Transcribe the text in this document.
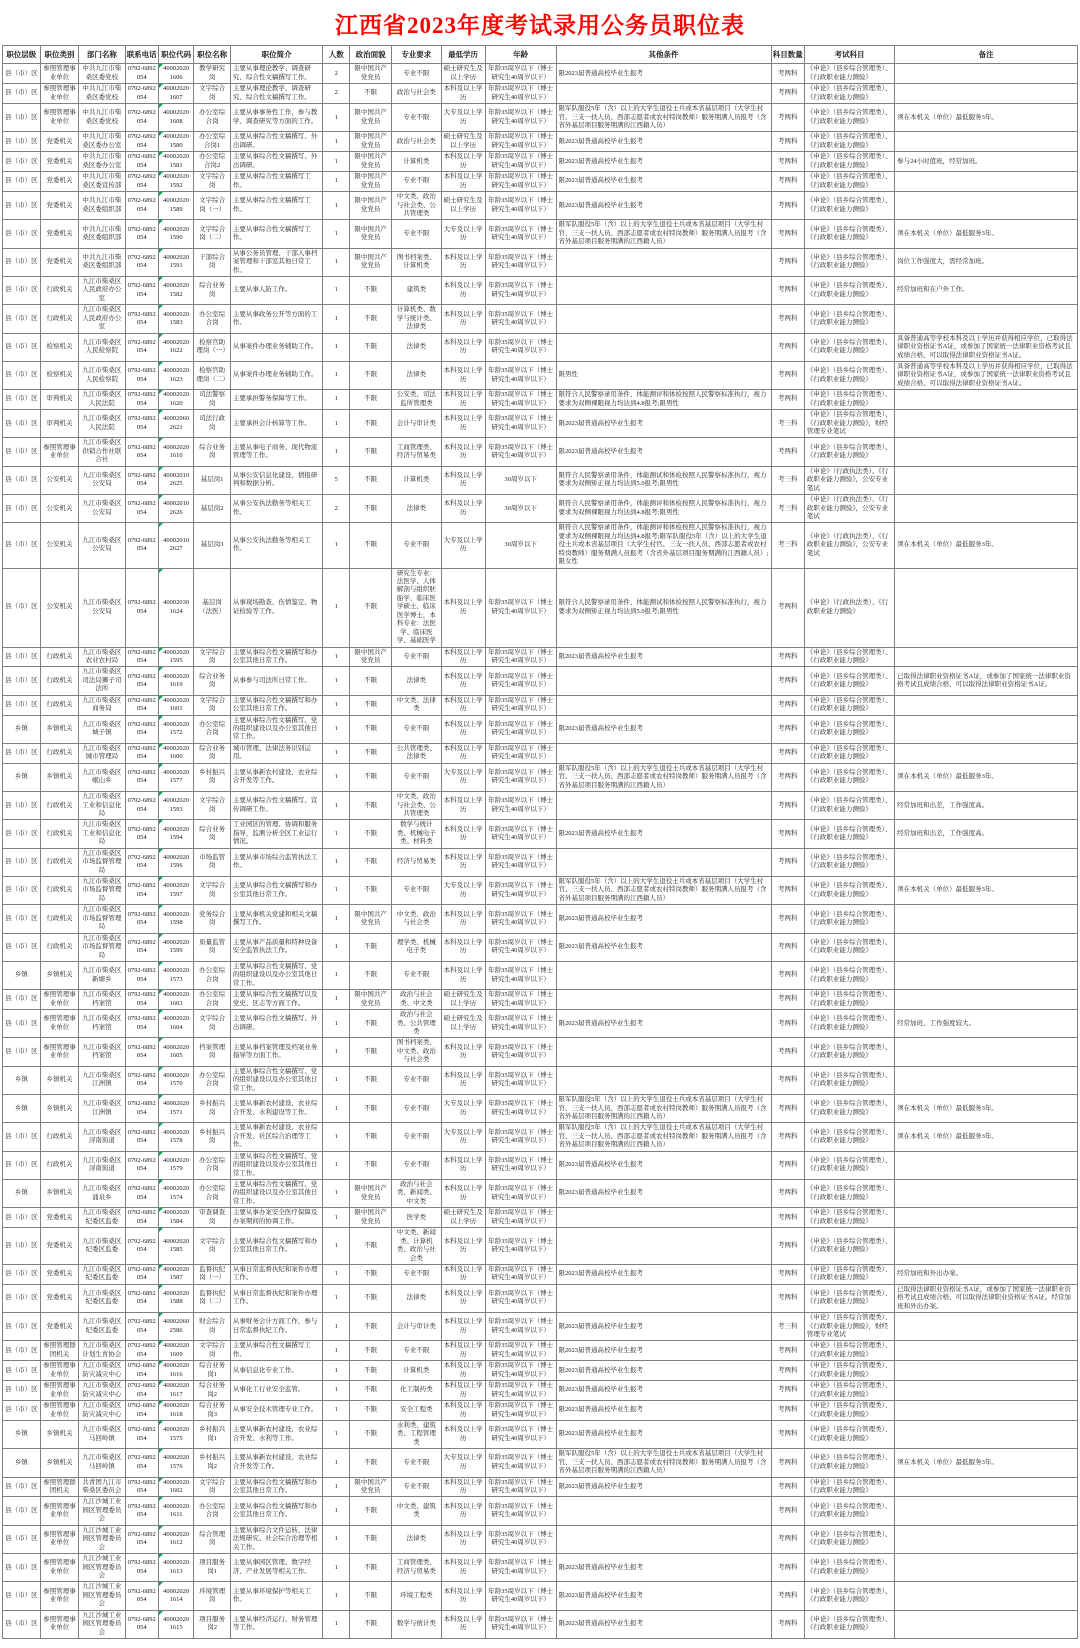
江西省2023年度考试录用公务员职位表
职位层级	职位类别	部门名称	联系电话	职位代码	职位名称	职位简介	人数	政治面貌	专业要求	最低学历	年龄	其他条件	科目数量	考试科目	备注
县（市）区	参照管理事业单位	中共九江市柴桑区委党校	0792-6892054	40002020 1606	教学研究岗	主要从事理论教学、调查研究、综合性文稿撰写工作。	2	限中国共产党党员	专业不限	硕士研究生及以上学历	年龄35周岁以下（博士研究生40周岁以下）	限2023届普通高校毕业生报考	考两科	《申论》（县乡综合管理类）、《行政职业能力测验》	
县（市）区	参照管理事业单位	中共九江市柴桑区委党校	0792-6892054	40002020 1607	文字综合岗	主要从事理论教学、调查研究、综合性文稿撰写工作。	2	不限	政治与社会类	本科及以上学历	年龄35周岁以下（博士研究生40周岁以下）		考两科	《申论》（县乡综合管理类）、《行政职业能力测验》	
县（市）区	参照管理事业单位	中共九江市柴桑区委党校	0792-6892054	40002020 1608	办公室综合岗	主要从事事务性工作，参与教学、调查研究等方面的工作。	1	限中国共产党党员	专业不限	大专及以上学历	年龄35周岁以下（博士研究生40周岁以下）	限军队服役5年（含）以上的大学生退役士兵或本省基层项目（大学生村官、三支一扶人员、西部志愿者或农村特岗教师）服务期满人员报考（含省外基层项目服务期满的江西籍人员）	考两科	《申论》（县乡综合管理类）、《行政职业能力测验》	须在本机关（单位）最低服务3年。
县（市）区	党委机关	中共九江市柴桑区委办公室	0792-6892054	40002020 1580	办公室综合岗1	主要从事综合性文稿撰写、外出调研。	1	限中国共产党党员	政治与社会类	硕士研究生及以上学历	年龄35周岁以下（博士研究生40周岁以下）	限2023届普通高校毕业生报考	考两科	《申论》（县乡综合管理类）、《行政职业能力测验》	
县（市）区	党委机关	中共九江市柴桑区委办公室	0792-6892054	40002020 1581	办公室综合岗2	主要从事综合性文稿撰写、外出调研。	1	限中国共产党党员	计算机类	本科及以上学历	年龄35周岁以下（博士研究生40周岁以下）	限2023届普通高校毕业生报考	考两科	《申论》（县乡综合管理类）、《行政职业能力测验》	参与24小时值班，经常加班。
县（市）区	党委机关	中共九江市柴桑区委宣传部	0792-6892054	40002020 1592	文字综合岗	主要从事综合性文稿撰写工作。	1	限中国共产党党员	专业不限	本科及以上学历	年龄35周岁以下（博士研究生40周岁以下）	限2023届普通高校毕业生报考	考两科	《申论》（县乡综合管理类）、《行政职业能力测验》	
县（市）区	党委机关	中共九江市柴桑区委组织部	0792-6892054	40002020 1589	文字综合岗（一）	主要从事综合性文稿撰写工作。	1	限中国共产党党员	中文类、政治与社会类、公共管理类	硕士研究生及以上学历	年龄35周岁以下（博士研究生40周岁以下）	限2023届普通高校毕业生报考	考两科	《申论》（县乡综合管理类）、《行政职业能力测验》	
县（市）区	党委机关	中共九江市柴桑区委组织部	0792-6892054	40002020 1590	文字综合岗（二）	主要从事综合性文稿撰写工作。	1	限中国共产党党员	专业不限	大专及以上学历	年龄35周岁以下（博士研究生40周岁以下）	限军队服役5年（含）以上的大学生退役士兵或本省基层项目（大学生村官、三支一扶人员、西部志愿者或农村特岗教师）服务期满人员报考（含省外基层项目服务期满的江西籍人员）	考两科	《申论》（县乡综合管理类）、《行政职业能力测验》	须在本机关（单位）最低服务3年。
县（市）区	党委机关	中共九江市柴桑区委组织部	0792-6892054	40002020 1591	干部综合岗	从事公务员管理、干部人事档案管理和干部室其他日常工作。	1	限中国共产党党员	图书档案类、计算机类	本科及以上学历	年龄35周岁以下（博士研究生40周岁以下）		考两科	《申论》（县乡综合管理类）、《行政职业能力测验》	岗位工作强度大，需经常加班。
县（市）区	行政机关	九江市柴桑区人民政府办公室	0792-6892054	40002020 1582	综合业务岗	主要从事人防工作。	1	不限	建筑类	本科及以上学历	年龄35周岁以下（博士研究生40周岁以下）		考两科	《申论》（县乡综合管理类）、《行政职业能力测验》	经常加班和在户外工作。
县（市）区	行政机关	九江市柴桑区人民政府办公室	0792-6892054	40002020 1583	办公室综合岗	主要从事政务公开等方面的工作。	1	不限	计算机类、数学与统计类、法律类	本科及以上学历	年龄35周岁以下（博士研究生40周岁以下）		考两科	《申论》（县乡综合管理类）、《行政职业能力测验》	
县（市）区	检察机关	九江市柴桑区人民检察院	0792-6892054	40002020 1622	检察官助理岗（一）	从事案件办理业务辅助工作。	1	不限	法律类	本科及以上学历	年龄35周岁以下（博士研究生40周岁以下）		考两科	《申论》（县乡综合管理类）、《行政职业能力测验》	具备普通高等学校本科及以上学历并获得相应学位，已取得法律职业资格证书A证，或参加了国家统一法律职业资格考试且成绩合格、可以取得法律职业资格证书A证。
县（市）区	检察机关	九江市柴桑区人民检察院	0792-6892054	40002020 1623	检察官助理岗（二）	从事案件办理业务辅助工作。	1	不限	法律类	本科及以上学历	年龄35周岁以下（博士研究生40周岁以下）	限男性	考两科	《申论》（县乡综合管理类）、《行政职业能力测验》	具备普通高等学校本科及以上学历并获得相应学位，已取得法律职业资格证书A证，或参加了国家统一法律职业资格考试且成绩合格、可以取得法律职业资格证书A证。
县（市）区	审判机关	九江市柴桑区人民法院	0792-6892054	40002020 1620	司法警察岗	主要承担警务保障等工作。	1	不限	公安类、司法监所管理类	本科及以上学历	年龄35周岁以下（博士研究生40周岁以下）	限符合人民警察录用条件，体能测评和体检按照人民警察标准执行，视力要求为双侧裸眼视力均达到4.8报考;限男性	考两科	《申论》（县乡综合管理类）、《行政职业能力测验》	
县（市）区	审判机关	九江市柴桑区人民法院	0792-6892054	40002060 2621	司法行政岗	主要承担会计核算等工作。	1	不限	会计与审计类	本科及以上学历	年龄35周岁以下（博士研究生40周岁以下）	限2023届普通高校毕业生报考	考三科	《申论》（县乡综合管理类）、《行政职业能力测验》，财经管理专业笔试	
县（市）区	参照管理事业单位	九江市柴桑区供销合作社联合社	0792-6892054	40002020 1610	综合业务岗	主要从事电子商务、现代物流管理等工作。	1	不限	工商管理类、经济与贸易类	本科及以上学历	年龄35周岁以下（博士研究生40周岁以下）	限2023届普通高校毕业生报考	考两科	《申论》（县乡综合管理类）、《行政职业能力测验》	
县（市）区	公安机关	九江市柴桑区公安局	0792-6892054	40002010 2625	基层岗1	从事公安信息化建设、情报研判和数据分析。	5	不限	计算机类	本科及以上学历	30周岁以下	限符合人民警察录用条件，体能测试和体检按照人民警察标准执行，视力要求为双侧矫正视力均达到5.0报考;限男性	考三科	《申论》（行政执法类）、《行政职业能力测验》，公安专业笔试	
县（市）区	公安机关	九江市柴桑区公安局	0792-6892054	40002010 2626	基层岗2	从事公安执法勤务等相关工作。	2	不限	法律类	本科及以上学历	30周岁以下	限符合人民警察录用条件，体能测评和体检按照人民警察标准执行，视力要求为双侧裸眼视力均达到4.8报考;限男性	考三科	《申论》（行政执法类）、《行政职业能力测验》，公安专业笔试	
县（市）区	公安机关	九江市柴桑区公安局	0792-6892054	40002010 2627	基层岗3	从事公安执法勤务等相关工作。	1	不限	专业不限	大专及以上学历	30周岁以下	限符合人民警察录用条件，体能测评和体检按照人民警察标准执行，视力要求为双侧裸眼视力均达到4.8报考;限军队服役5年（含）以上的大学生退役士兵或本省基层项目（大学生村官、三支一扶人员、西部志愿者或农村特岗教师）服务期满人员报考（含省外基层项目服务期满的江西籍人员）;限女性	考三科	《申论》（行政执法类）、《行政职业能力测验》，公安专业笔试	须在本机关（单位）最低服务3年。
县（市）区	公安机关	九江市柴桑区公安局	0792-6892054	40002030 1624	基层岗（法医）	从事现场勘查、伤情鉴定、物证检验等工作。	1	不限	研究生专业：法医学、人体解剖与组织胚胎学、临床医学硕士、临床医学博士，本科专业：法医学、临床医学、基础医学	本科及以上学历	年龄35周岁以下（博士研究生40周岁以下）	限符合人民警察录用条件，体能测试和体检按照人民警察标准执行，视力要求为双侧矫正视力均达到5.0报考;限男性	考两科	《申论》（行政执法类）、《行政职业能力测验》	
县（市）区	行政机关	九江市柴桑区农业农村局	0792-6892054	40002020 1595	文字综合岗	主要从事综合性文稿撰写和办公室其他日常工作。	1	限中国共产党党员	专业不限	本科及以上学历	年龄35周岁以下（博士研究生40周岁以下）	限2023届普通高校毕业生报考	考两科	《申论》（县乡综合管理类）、《行政职业能力测验》	
县（市）区	行政机关	九江市柴桑区司法局狮子司法所	0792-6892054	40002020 1619	综合业务岗	从事参与司法所日常工作。	1	不限	法律类	本科及以上学历	年龄35周岁以下（博士研究生40周岁以下）		考两科	《申论》（县乡综合管理类）、《行政职业能力测验》	已取得法律职业资格证书A证，或参加了国家统一法律职业资格考试且成绩合格、可以取得法律职业资格证书A证。
县（市）区	行政机关	九江市柴桑区商务局	0792-6892054	40002020 1601	文字综合岗	主要从事综合性文稿撰写和办公室其他日常工作。	1	不限	中文类、法律类	本科及以上学历	年龄35周岁以下（博士研究生40周岁以下）		考两科	《申论》（县乡综合管理类）、《行政职业能力测验》	
乡镇	乡镇机关	九江市柴桑区城子镇	0792-6892054	40002020 1572	办公室综合岗	主要从事综合性文稿撰写、党的组织建设以及办公室其他日常工作。	1	不限	专业不限	本科及以上学历	年龄35周岁以下（博士研究生40周岁以下）	限2023届普通高校毕业生报考	考两科	《申论》（县乡综合管理类）、《行政职业能力测验》	
县（市）区	行政机关	九江市柴桑区城市管理局	0792-6892054	40002020 1600	综合业务岗	城市管理、法律法务识别运用。	1	不限	公共管理类、法律类	本科及以上学历	年龄35周岁以下（博士研究生40周岁以下）		考两科	《申论》（县乡综合管理类）、《行政职业能力测验》	
乡镇	乡镇机关	九江市柴桑区岷山乡	0792-6892054	40002020 1577	乡村振兴岗	主要从事新农村建设、农业综合开发等工作。	1	不限	专业不限	大专及以上学历	年龄35周岁以下（博士研究生40周岁以下）	限军队服役5年（含）以上的大学生退役士兵或本省基层项目（大学生村官、三支一扶人员、西部志愿者或农村特岗教师）服务期满人员报考（含省外基层项目服务期满的江西籍人员）	考两科	《申论》（县乡综合管理类）、《行政职业能力测验》	须在本机关（单位）最低服务3年。
县（市）区	行政机关	九江市柴桑区工业和信息化局	0792-6892054	40002020 1593	文字综合岗	主要从事综合性文稿撰写、宣传调研工作。	1	不限	中文类、政治与社会类、公共管理类	本科及以上学历	年龄35周岁以下（博士研究生40周岁以下）		考两科	《申论》（县乡综合管理类）、《行政职业能力测验》	经常加班和出差，工作强度高。
县（市）区	行政机关	九江市柴桑区工业和信息化局	0792-6892054	40002020 1594	综合业务岗	工业园区的管理、协调和服务指导，监测分析全区工业运行情况。	1	不限	数学与统计类、机械电子类、材料类	本科及以上学历	年龄35周岁以下（博士研究生40周岁以下）	限2023届普通高校毕业生报考	考两科	《申论》（县乡综合管理类）、《行政职业能力测验》	经常加班和出差，工作强度高。
县（市）区	行政机关	九江市柴桑区市场监督管理局	0792-6892054	40002020 1596	市场监管岗	主要从事市场综合监管执法工作。	1	不限	经济与贸易类	本科及以上学历	年龄35周岁以下（博士研究生40周岁以下）		考两科	《申论》（县乡综合管理类）、《行政职业能力测验》	
县（市）区	行政机关	九江市柴桑区市场监督管理局	0792-6892054	40002020 1597	文字综合岗	主要从事综合性文稿撰写和办公室其他日常工作。	1	不限	专业不限	大专及以上学历	年龄35周岁以下（博士研究生40周岁以下）	限军队服役5年（含）以上的大学生退役士兵或本省基层项目（大学生村官、三支一扶人员、西部志愿者或农村特岗教师）服务期满人员报考（含省外基层项目服务期满的江西籍人员）	考两科	《申论》（县乡综合管理类）、《行政职业能力测验》	须在本机关（单位）最低服务3年。
县（市）区	行政机关	九江市柴桑区市场监督管理局	0792-6892054	40002020 1598	党务综合岗	主要从事机关党建和相关文稿撰写工作。	1	限中国共产党党员	中文类、政治与社会类	本科及以上学历	年龄35周岁以下（博士研究生40周岁以下）	限2023届普通高校毕业生报考	考两科	《申论》（县乡综合管理类）、《行政职业能力测验》	
县（市）区	行政机关	九江市柴桑区市场监督管理局	0792-6892054	40002020 1599	质量监管岗	主要从事产品质量和特种设备安全监管执法工作。	1	不限	理学类、机械电子类	本科及以上学历	年龄35周岁以下（博士研究生40周岁以下）	限2023届普通高校毕业生报考	考两科	《申论》（县乡综合管理类）、《行政职业能力测验》	
乡镇	乡镇机关	九江市柴桑区新塘乡	0792-6892054	40002020 1573	办公室综合岗	主要从事综合性文稿撰写、党的组织建设以及办公室其他日常工作。	1	不限	专业不限	本科及以上学历	年龄35周岁以下（博士研究生40周岁以下）		考两科	《申论》（县乡综合管理类）、《行政职业能力测验》	
县（市）区	参照管理事业单位	九江市柴桑区档案馆	0792-6892054	40002020 1603	办公室综合岗	主要从事综合性文稿撰写以及党史、区志等方面工作。	1	限中国共产党党员	政治与社会类、中文类	硕士研究生及以上学历	年龄35周岁以下（博士研究生40周岁以下）		考两科	《申论》（县乡综合管理类）、《行政职业能力测验》	
县（市）区	参照管理事业单位	九江市柴桑区档案馆	0792-6892054	40002020 1604	文字综合岗	主要从事综合性文稿撰写、外出调研。	1	不限	政治与社会类、公共管理类	硕士研究生及以上学历	年龄35周岁以下（博士研究生40周岁以下）	限2023届普通高校毕业生报考	考两科	《申论》（县乡综合管理类）、《行政职业能力测验》	经常加班，工作强度较大。
县（市）区	参照管理事业单位	九江市柴桑区档案馆	0792-6892054	40002020 1605	档案管理岗	主要从事档案管理及档案业务指导等方面工作。	1	不限	图书档案类、中文类、政治与社会类	本科及以上学历	年龄35周岁以下（博士研究生40周岁以下）		考两科	《申论》（县乡综合管理类）、《行政职业能力测验》	
乡镇	乡镇机关	九江市柴桑区江洲镇	0792-6892054	40002020 1570	办公室综合岗	主要从事综合性文稿撰写、党的组织建设以及办公室其他日常工作。	1	不限	专业不限	本科及以上学历	年龄35周岁以下（博士研究生40周岁以下）		考两科	《申论》（县乡综合管理类）、《行政职业能力测验》	
乡镇	乡镇机关	九江市柴桑区江洲镇	0792-6892054	40002020 1571	乡村振兴岗	主要从事新农村建设、农业综合开发、水利建设等工作。	1	不限	专业不限	大专及以上学历	年龄35周岁以下（博士研究生40周岁以下）	限军队服役5年（含）以上的大学生退役士兵或本省基层项目（大学生村官、三支一扶人员、西部志愿者或农村特岗教师）服务期满人员报考（含省外基层项目服务期满的江西籍人员）	考两科	《申论》（县乡综合管理类）、《行政职业能力测验》	须在本机关（单位）最低服务3年。
县（市）区	行政机关	九江市柴桑区浔南街道	0792-6892054	40002020 1578	乡村振兴岗	主要从事新农村建设、农业综合开发、社区综合治理等工作。	1	不限	专业不限	大专及以上学历	年龄35周岁以下（博士研究生40周岁以下）	限军队服役5年（含）以上的大学生退役士兵或本省基层项目（大学生村官、三支一扶人员、西部志愿者或农村特岗教师）服务期满人员报考（含省外基层项目服务期满的江西籍人员）	考两科	《申论》（县乡综合管理类）、《行政职业能力测验》	须在本机关（单位）最低服务3年。
县（市）区	行政机关	九江市柴桑区浔南街道	0792-6892054	40002020 1579	办公室综合岗	主要从事综合性文稿撰写、党的组织建设以及办公室其他日常工作。	1	不限	专业不限	本科及以上学历	年龄35周岁以下（博士研究生40周岁以下）	限2023届普通高校毕业生报考	考两科	《申论》（县乡综合管理类）、《行政职业能力测验》	
乡镇	乡镇机关	九江市柴桑区涌泉乡	0792-6892054	40002020 1574	办公室综合岗	主要从事综合性文稿撰写、党的组织建设以及办公室其他日常工作。	1	限中国共产党党员	政治与社会类、新闻类、中文类	本科及以上学历	年龄35周岁以下（博士研究生40周岁以下）	限2023届普通高校毕业生报考	考两科	《申论》（县乡综合管理类）、《行政职业能力测验》	
县（市）区	党委机关	九江市柴桑区纪委区监委	0792-6892054	40002020 1584	审查调查岗	主要从事办案安全医疗保障及办案期间的协调工作。	1	限中国共产党党员	医学类	硕士研究生及以上学历	年龄35周岁以下（博士研究生40周岁以下）		考两科	《申论》（县乡综合管理类）、《行政职业能力测验》	
县（市）区	党委机关	九江市柴桑区纪委区监委	0792-6892054	40002020 1585	文字综合岗	主要从事综合性文稿撰写和办公室其他日常工作。	1	不限	中文类、新闻类、计算机类、政治与社会类	本科及以上学历	年龄35周岁以下（博士研究生40周岁以下）		考两科	《申论》（县乡综合管理类）、《行政职业能力测验》	
县（市）区	党委机关	九江市柴桑区纪委区监委	0792-6892054	40002020 1587	监督执纪岗（一）	从事日常监督执纪和案件办理工作。	1	不限	专业不限	本科及以上学历	年龄35周岁以下（博士研究生40周岁以下）	限2023届普通高校毕业生报考	考两科	《申论》（县乡综合管理类）、《行政职业能力测验》	经常加班和外出办案。
县（市）区	党委机关	九江市柴桑区纪委区监委	0792-6892054	40002020 1588	监督执纪岗（二）	从事日常监督执纪和案件办理工作。	1	不限	法律类	本科及以上学历	年龄35周岁以下（博士研究生40周岁以下）		考两科	《申论》（县乡综合管理类）、《行政职业能力测验》	已取得法律职业资格证书A证，或参加了国家统一法律职业资格考试且成绩合格、可以取得法律职业资格证书A证。经常加班和外出办案。
县（市）区	党委机关	九江市柴桑区纪委区监委	0792-6892054	40002060 2586	财会综合岗	从事财务会计方面工作，参与日常监督执纪工作。	1	不限	会计与审计类	本科及以上学历	年龄35周岁以下（博士研究生40周岁以下）	限2023届普通高校毕业生报考	考三科	《申论》（县乡综合管理类）、《行政职业能力测验》，财经管理专业笔试	
县（市）区	参照管理群团机关	九江市柴桑区计划生育协会	0792-6892054	40002020 1609	文字综合岗	主要从事综合性文稿撰写工作。	1	不限	专业不限	本科及以上学历	年龄35周岁以下（博士研究生40周岁以下）	限2023届普通高校毕业生报考	考两科	《申论》（县乡综合管理类）、《行政职业能力测验》	
县（市）区	参照管理事业单位	九江市柴桑区防灾减灾中心	0792-6892054	40002020 1616	综合业务岗1	从事信息化专业工作。	1	不限	计算机类	本科及以上学历	年龄35周岁以下（博士研究生40周岁以下）	限2023届普通高校毕业生报考	考两科	《申论》（县乡综合管理类）、《行政职业能力测验》	
县（市）区	参照管理事业单位	九江市柴桑区防灾减灾中心	0792-6892054	40002020 1617	综合业务岗2	从事化工行业安全监管。	1	不限	化工制药类	本科及以上学历	年龄35周岁以下（博士研究生40周岁以下）	限2023届普通高校毕业生报考	考两科	《申论》（县乡综合管理类）、《行政职业能力测验》	
县（市）区	参照管理事业单位	九江市柴桑区防灾减灾中心	0792-6892054	40002020 1618	综合业务岗3	从事安全技术管理专业工作。	1	不限	安全工程类	本科及以上学历	年龄35周岁以下（博士研究生40周岁以下）	限2023届普通高校毕业生报考	考两科	《申论》（县乡综合管理类）、《行政职业能力测验》	
乡镇	乡镇机关	九江市柴桑区马回岭镇	0792-6892054	40002020 1575	乡村振兴岗1	主要从事新农村建设、农业综合开发、水利等工作。	1	不限	水利类、建筑类、工程管理类	本科及以上学历	年龄35周岁以下（博士研究生40周岁以下）	限2023届普通高校毕业生报考	考两科	《申论》（县乡综合管理类）、《行政职业能力测验》	
乡镇	乡镇机关	九江市柴桑区马回岭镇	0792-6892054	40002020 1576	乡村振兴岗2	主要从事新农村建设、农业综合开发等工作。	1	不限	专业不限	大专及以上学历	年龄35周岁以下（博士研究生40周岁以下）	限军队服役5年（含）以上的大学生退役士兵或本省基层项目（大学生村官、三支一扶人员、西部志愿者或农村特岗教师）服务期满人员报考（含省外基层项目服务期满的江西籍人员）	考两科	《申论》（县乡综合管理类）、《行政职业能力测验》	须在本机关（单位）最低服务3年。
县（市）区	参照管理群团机关	共青团九江市柴桑区委员会	0792-6892054	40002020 1602	文字综合岗	主要从事综合性文稿撰写和办公室其他日常工作。	1	限中国共产党党员	专业不限	本科及以上学历	年龄35周岁以下（博士研究生40周岁以下）	限2023届普通高校毕业生报考	考两科	《申论》（县乡综合管理类）、《行政职业能力测验》	
县（市）区	参照管理事业单位	九江沙城工业园区管理委员会	0792-6892054	40002020 1611	办公室综合岗	主要从事综合性文稿撰写和办公室其他日常工作。	1	不限	中文类、建筑类	本科及以上学历	年龄35周岁以下（博士研究生40周岁以下）		考两科	《申论》（县乡综合管理类）、《行政职业能力测验》	
县（市）区	参照管理事业单位	九江沙城工业园区管理委员会	0792-6892054	40002020 1612	综合管理岗	主要从事综合文件运转、法律法规研究、社会综合治理等相关工作。	1	不限	法律类	本科及以上学历	年龄35周岁以下（博士研究生40周岁以下）		考两科	《申论》（县乡综合管理类）、《行政职业能力测验》	
县（市）区	参照管理事业单位	九江沙城工业园区管理委员会	0792-6892054	40002020 1613	项目服务岗1	主要从事园区管理、数字经济、产业发展等相关工作。	1	不限	工商管理类、经济与贸易类	本科及以上学历	年龄35周岁以下（博士研究生40周岁以下）	限2023届普通高校毕业生报考	考两科	《申论》（县乡综合管理类）、《行政职业能力测验》	
县（市）区	参照管理事业单位	九江沙城工业园区管理委员会	0792-6892054	40002020 1614	环境管理岗	主要从事环境保护等相关工作。	1	不限	环境工程类	本科及以上学历	年龄35周岁以下（博士研究生40周岁以下）	限2023届普通高校毕业生报考	考两科	《申论》（县乡综合管理类）、《行政职业能力测验》	
县（市）区	参照管理事业单位	九江沙城工业园区管理委员会	0792-6892054	40002020 1615	项目服务岗2	主要从事经济运行、财务管理等工作。	1	不限	数学与统计类	本科及以上学历	年龄35周岁以下（博士研究生40周岁以下）	限2023届普通高校毕业生报考	考两科	《申论》（县乡综合管理类）、《行政职业能力测验》	
